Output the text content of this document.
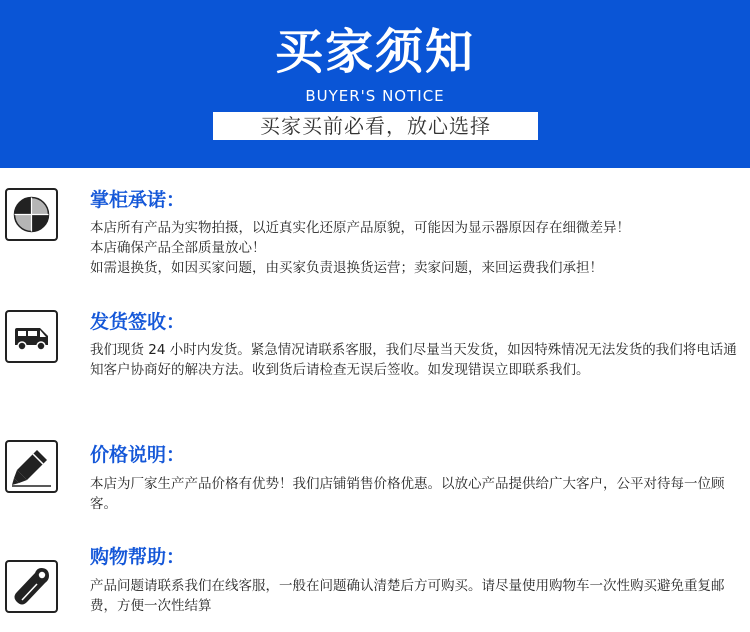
买家须知
BUYER'S NOTICE
买家买前必看，放心选择
掌柜承诺：

本店所有产品为实物拍摄，以近真实化还原产品原貌，可能因为显示器原因存在细微差异！

本店确保产品全部质量放心！

如需退换货，如因买家问题，由买家负责退换货运营；卖家问题，来回运费我们承担！

发货签收：

我们现货 24 小时内发货。紧急情况请联系客服，我们尽量当天发货，如因特殊情况无法发货的我们将电话通知客户协商好的解决方法。收到货后请检查无误后签收。如发现错误立即联系我们。

价格说明：

本店为厂家生产产品价格有优势！我们店铺销售价格优惠。以放心产品提供给广大客户，公平对待每一位顾客。

购物帮助：

产品问题请联系我们在线客服，一般在问题确认清楚后方可购买。请尽量使用购物车一次性购买避免重复邮费，方便一次性结算
